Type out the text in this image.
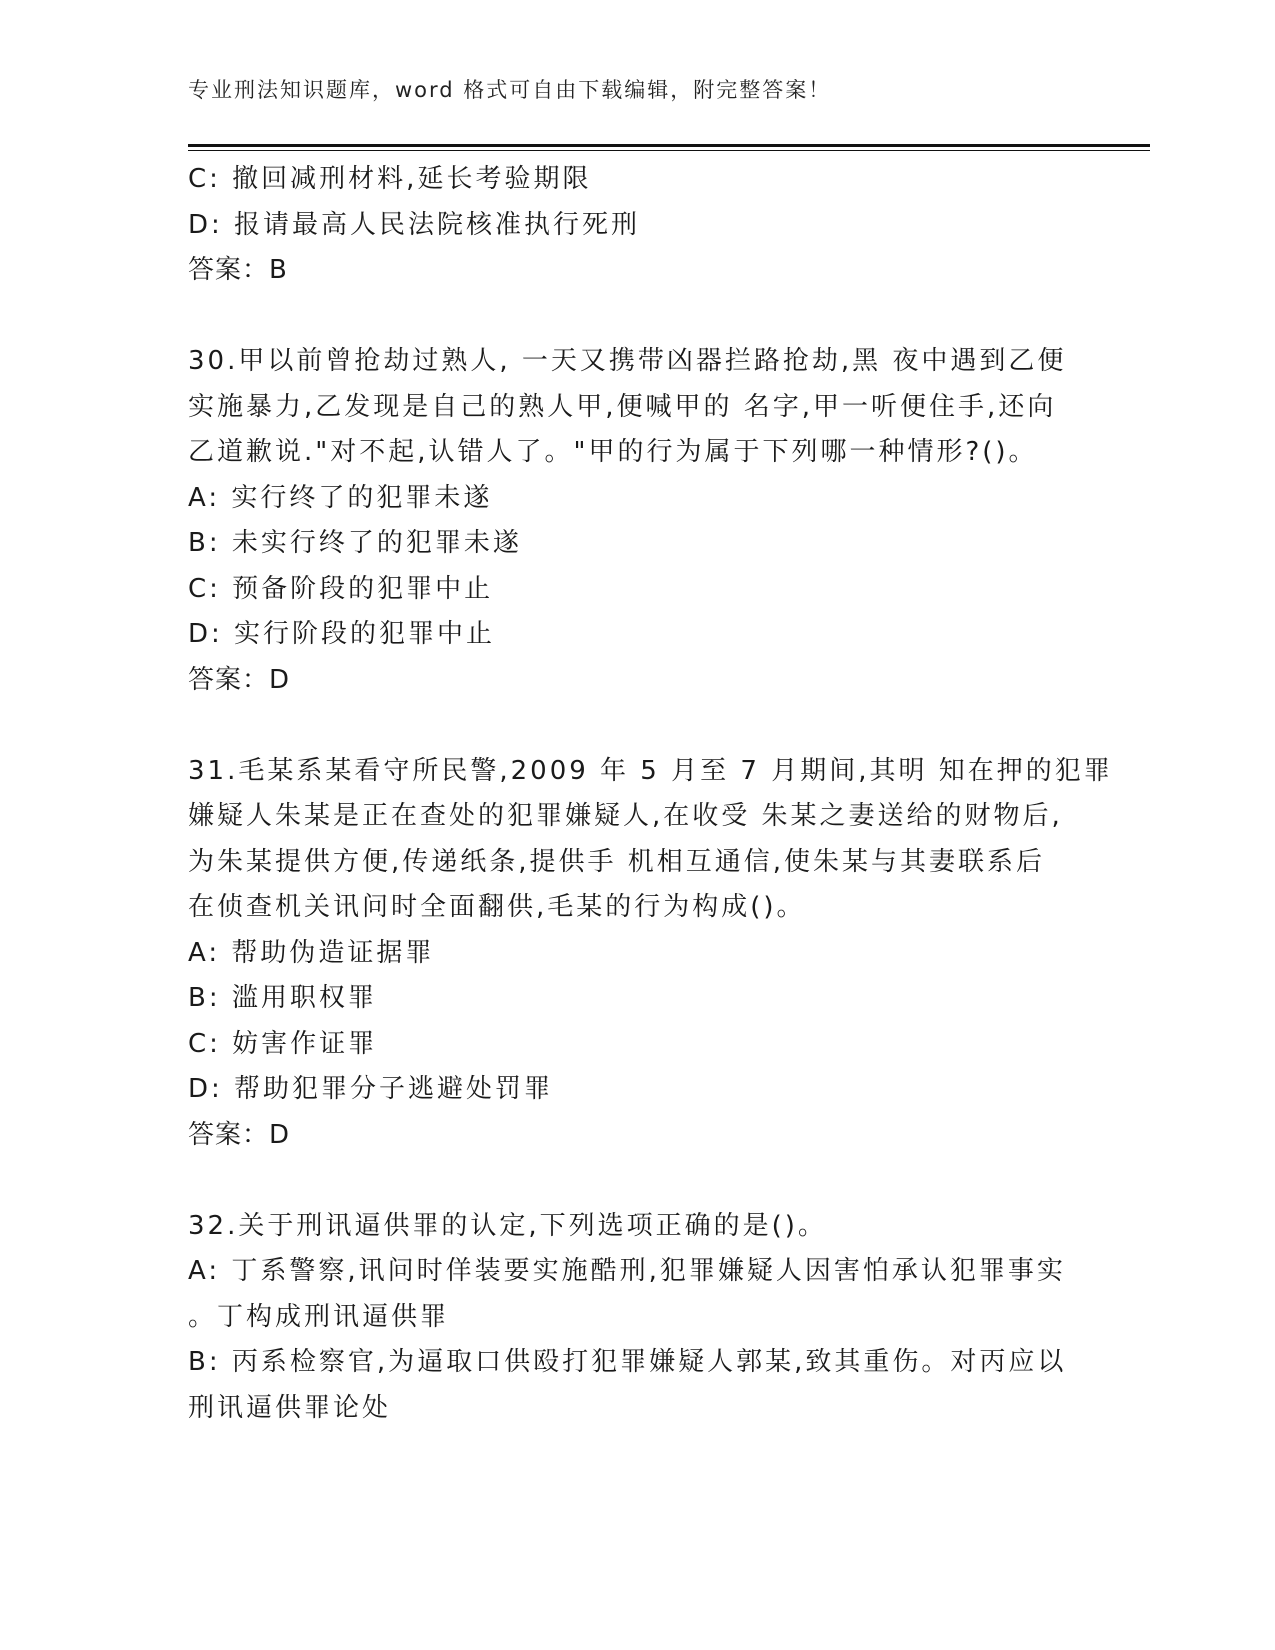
专业刑法知识题库，word 格式可自由下载编辑，附完整答案！
C: 撤回减刑材料,延长考验期限
D: 报请最高人民法院核准执行死刑
答案：B
30.甲以前曾抢劫过熟人, 一天又携带凶器拦路抢劫,黑 夜中遇到乙便
实施暴力,乙发现是自己的熟人甲,便喊甲的 名字,甲一听便住手,还向
乙道歉说."对不起,认错人了。"甲的行为属于下列哪一种情形?()。
A: 实行终了的犯罪未遂
B: 未实行终了的犯罪未遂
C: 预备阶段的犯罪中止
D: 实行阶段的犯罪中止
答案：D
31.毛某系某看守所民警,2009 年 5 月至 7 月期间,其明 知在押的犯罪
嫌疑人朱某是正在查处的犯罪嫌疑人,在收受 朱某之妻送给的财物后,
为朱某提供方便,传递纸条,提供手 机相互通信,使朱某与其妻联系后
在侦查机关讯问时全面翻供,毛某的行为构成()。
A: 帮助伪造证据罪
B: 滥用职权罪
C: 妨害作证罪
D: 帮助犯罪分子逃避处罚罪
答案：D
32.关于刑讯逼供罪的认定,下列选项正确的是()。
A: 丁系警察,讯问时佯装要实施酷刑,犯罪嫌疑人因害怕承认犯罪事实
。丁构成刑讯逼供罪
B: 丙系检察官,为逼取口供殴打犯罪嫌疑人郭某,致其重伤。对丙应以
刑讯逼供罪论处
